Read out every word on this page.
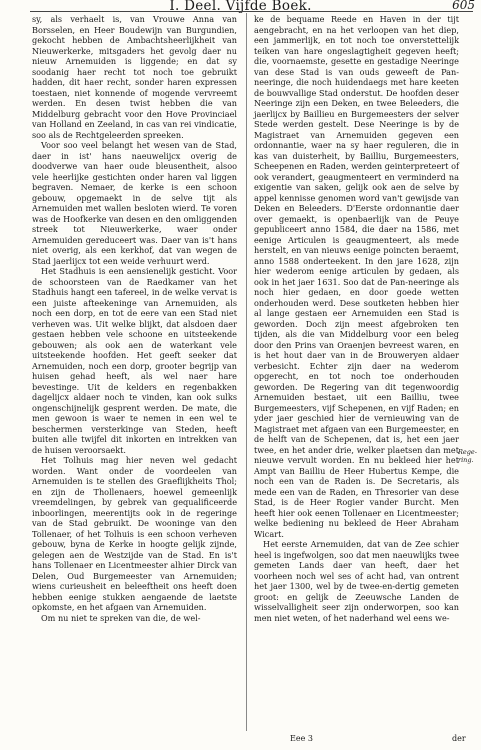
I. Deel. Vijfde Boek.	605

sy, als verhaelt is, van Vrouwe Anna van Borsselen, en Heer Boudewijn van Burgundien, gekocht hebben de Ambachtsheerlijkheit van Nieuwerkerke, mitsgaders het gevolg daer nu nieuw Arnemuiden is liggende; en dat sy soodanig haer recht tot noch toe gebruikt hadden, dit haer recht, sonder haren expressen toestaen, niet konnende of mogende vervreemt werden. En desen twist hebben die van Middelburg gebracht voor den Hove Provinciael van Holland en Zeeland, in cas van rei vindicatie, soo als de Rechtgeleerden spreeken.

Voor soo veel belangt het wesen van de Stad, daer in ist' hans naeuwelijcx overig de doodverwe van haer oude bleusentheit, alsoo vele heerlijke gestichten onder haren val liggen begraven. Nemaer, de kerke is een schoon gebouw, opgemaekt in de selve tijt als Arnemuiden met wallen besloten wierd. Te voren was de Hoofkerke van desen en den omliggenden streek tot Nieuwerkerke, waer onder Arnemuiden gereduceert was. Daer van is't hans niet overig, als een kerkhof, dat van wegen de Stad jaerlijcx tot een weide verhuurt werd.

Het Stadhuis is een aensienelijk gesticht. Voor de schoorsteen van de Raedkamer van het Stadhuis hangt een tafereel, in de welke vervat is een juiste afteekeninge van Arnemuiden, als noch een dorp, en tot de eere van een Stad niet verheven was. Uit welke blijkt, dat alsdoen daer gestaen hebben vele schoone en uitsteekende gebouwen; als ook aen de waterkant vele uitsteekende hoofden. Het geeft seeker dat Arnemuiden, noch een dorp, grooter begrijp van huisen gehad heeft, als wel naer hare bevestinge. Uit de kelders en regenbakken dagelijcx aldaer noch te vinden, kan ook sulks ongenschijnelijk gesprent werden. De mate, die men gewoon is waer te nemen in een wel te beschermen versterkinge van Steden, heeft buiten alle twijfel dit inkorten en intrekken van de huisen veroorsaekt.

Het Tolhuis mag hier neven wel gedacht worden. Want onder de voordeelen van Arnemuiden is te stellen des Graeflijkheits Thol; en zijn de Thollenaers, hoewel gemeenlijk vreemdelingen, by gebrek van gequalificeerde inboorlingen, meerentijts ook in de regeringe van de Stad gebruikt. De wooninge van den Tollenaer, of het Tolhuis is een schoon verheven gebouw, byna de Kerke in hoogte gelijk zijnde, gelegen aen de Westzijde van de Stad. En is't hans Tollenaer en Licentmeester alhier Dirck van Delen, Oud Burgemeester van Arnemuiden; wiens curieusheit en beleeftheit ons heeft doen hebben eenige stukken aengaende de laetste opkomste, en het afgaen van Arnemuiden.

Om nu niet te spreken van die, de wel-

ke de bequame Reede en Haven in der tijt aengebracht, en na het verloopen van het diep, een jammerlijk, en tot noch toe onverstettelijk teiken van hare ongeslagtigheit gegeven heeft; die, voornaemste, gesette en gestadige Neeringe van dese Stad is van ouds geweeft de Pan-neeringe, die noch huidendaegs met hare keeten de bouwvallige Stad onderstut. De hoofden deser Neeringe zijn een Deken, en twee Beleeders, die jaerlijcx by Baillieu en Burgemeesters der selver Stede werden gestelt. Dese Neeringe is by de Magistraet van Arnemuiden gegeven een ordonnantie, waer na sy haer reguleren, die in kas van duisterheit, by Bailliu, Burgemeesters, Scheepenen en Raden, werden geinterpreteert of ook verandert, geaugmenteert en verminderd na exigentie van saken, gelijk ook aen de selve by appel kennisse genomen word van't gewijsde van Deken en Beleeders. D'Eerste ordonnantie daer over gemaekt, is openbaerlijk van de Peuye gepubliceert anno 1584, die daer na 1586, met eenige Articulen is geaugmenteert, als mede herstelt, en van nieuws eenige poincten beraemt, anno 1588 onderteekent. In den jare 1628, zijn hier wederom eenige articulen by gedaen, als ook in het jaer 1631. Soo dat de Pan-neeringe als noch hier gedaen, en door goede wetten onderhouden werd. Dese soutketen hebben hier al lange gestaen eer Arnemuiden een Stad is geworden. Doch zijn meest afgebroken ten tijden, als die van Middelburg voor een beleg door den Prins van Oraenjen bevreest waren, en is het hout daer van in de Brouweryen aldaer verbesicht. Echter zijn daer na wederom opgerecht, en tot noch toe onderhouden geworden. De Regering van dit tegenwoordig Arnemuiden bestaet, uit een Bailliu, twee Burgemeesters, vijf Schepenen, en vijf Raden; en yder jaer geschied hier de vernieuwing van de Magistraet met afgaen van een Burgemeester, en de helft van de Schepenen, dat is, het een jaer twee, en het ander drie, welker plaetsen dan met nieuwe vervult worden. En nu bekleed hier het Ampt van Bailliu de Heer Hubertus Kempe, die noch een van de Raden is. De Secretaris, als mede een van de Raden, en Thresorier van dese Stad, is de Heer Rogier vander Burcht. Men heeft hier ook eenen Tollenaer en Licentmeester; welke bediening nu bekleed de Heer Abraham Wicart.

Het eerste Arnemuiden, dat van de Zee schier heel is ingefwolgen, soo dat men naeuwlijks twee gemeten Lands daer van heeft, daer het voorheen noch wel ses of acht had, van ontrent het jaer 1300, wel by de twee-en-dertig gemeten groot: en gelijk de Zeeuwsche Landen de wisselvalligheit seer zijn onderworpen, soo kan men niet weten, of het naderhand wel eens we-

Rege-ring.
Eee 3	der
